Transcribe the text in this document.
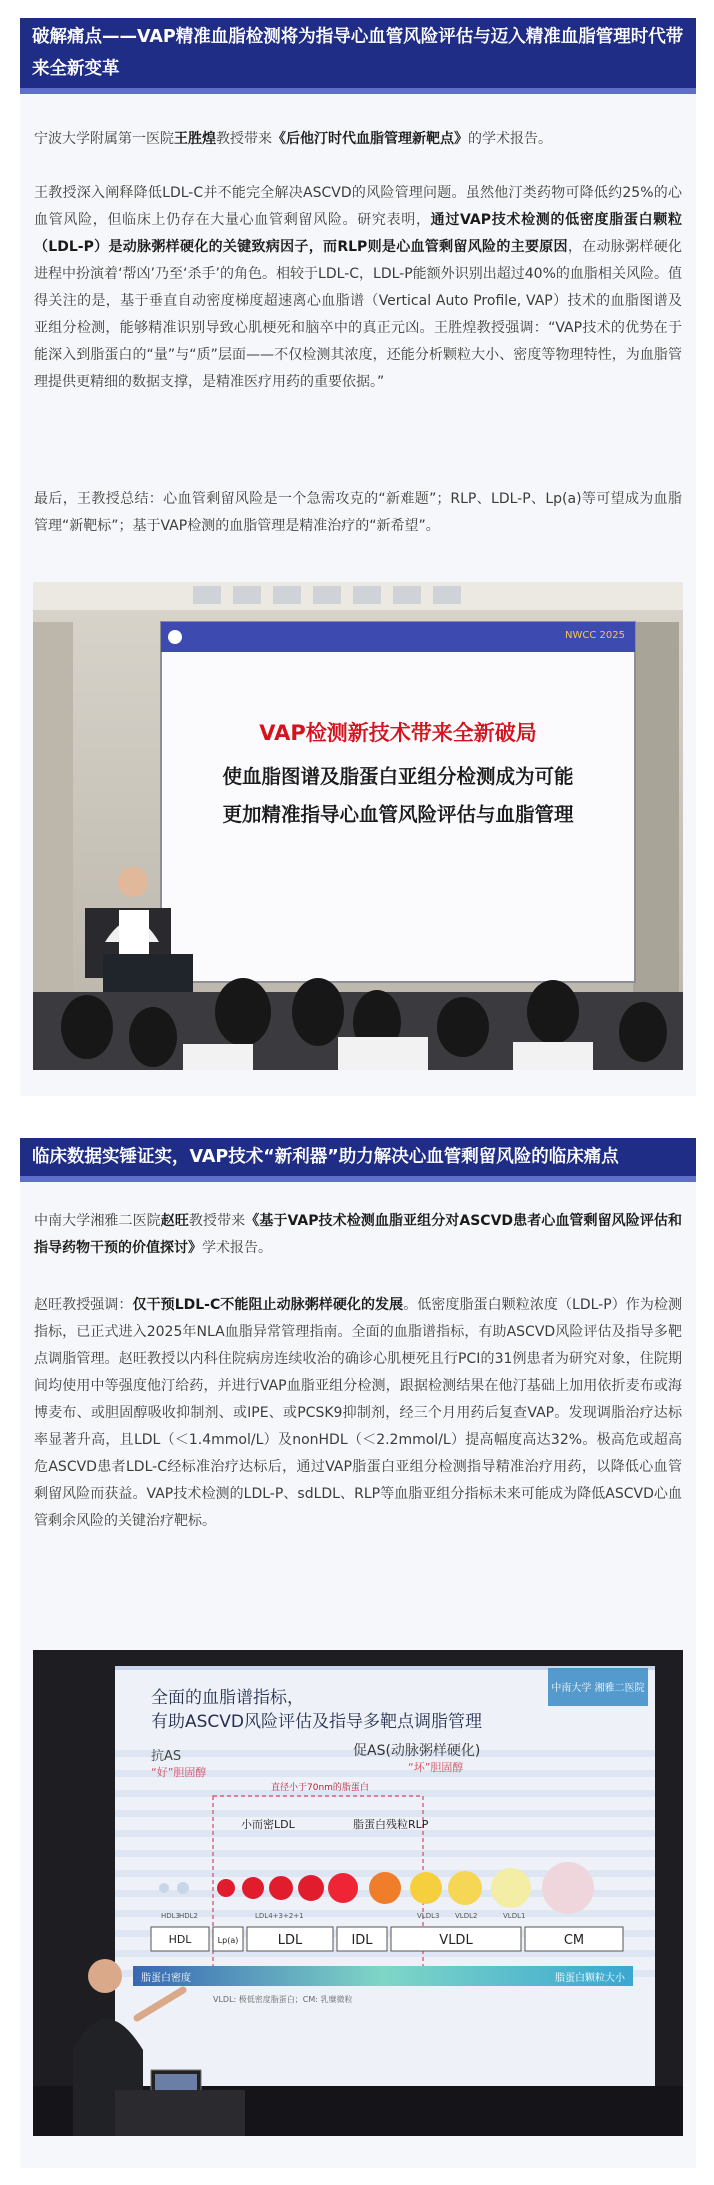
破解痛点——VAP精准血脂检测将为指导心血管风险评估与迈入精准血脂管理时代带来全新变革
宁波大学附属第一医院王胜煌教授带来《后他汀时代血脂管理新靶点》的学术报告。
王教授深入阐释降低LDL-C并不能完全解决ASCVD的风险管理问题。虽然他汀类药物可降低约25%的心血管风险，但临床上仍存在大量心血管剩留风险。研究表明，通过VAP技术检测的低密度脂蛋白颗粒（LDL-P）是动脉粥样硬化的关键致病因子，而RLP则是心血管剩留风险的主要原因，在动脉粥样硬化进程中扮演着‘帮凶’乃至‘杀手’的角色。相较于LDL-C，LDL-P能额外识别出超过40%的血脂相关风险。值得关注的是，基于垂直自动密度梯度超速离心血脂谱（Vertical Auto Profile, VAP）技术的血脂图谱及亚组分检测，能够精准识别导致心肌梗死和脑卒中的真正元凶。王胜煌教授强调：“VAP技术的优势在于能深入到脂蛋白的“量”与“质”层面——不仅检测其浓度，还能分析颗粒大小、密度等物理特性，为血脂管理提供更精细的数据支撑，是精准医疗用药的重要依据。”
最后，王教授总结：心血管剩留风险是一个急需攻克的“新难题”；RLP、LDL-P、Lp(a)等可望成为血脂管理“新靶标”；基于VAP检测的血脂管理是精准治疗的“新希望”。
NWCC 2025
VAP检测新技术带来全新破局
使血脂图谱及脂蛋白亚组分检测成为可能
更加精准指导心血管风险评估与血脂管理
临床数据实锤证实，VAP技术“新利器”助力解决心血管剩留风险的临床痛点
中南大学湘雅二医院赵旺教授带来《基于VAP技术检测血脂亚组分对ASCVD患者心血管剩留风险评估和指导药物干预的价值探讨》学术报告。
赵旺教授强调：仅干预LDL-C不能阻止动脉粥样硬化的发展。低密度脂蛋白颗粒浓度（LDL-P）作为检测指标，已正式进入2025年NLA血脂异常管理指南。全面的血脂谱指标，有助ASCVD风险评估及指导多靶点调脂管理。赵旺教授以内科住院病房连续收治的确诊心肌梗死且行PCI的31例患者为研究对象，住院期间均使用中等强度他汀给药，并进行VAP血脂亚组分检测，跟据检测结果在他汀基础上加用依折麦布或海博麦布、或胆固醇吸收抑制剂、或IPE、或PCSK9抑制剂，经三个月用药后复查VAP。发现调脂治疗达标率显著升高，且LDL（＜1.4mmol/L）及nonHDL（＜2.2mmol/L）提高幅度高达32%。极高危或超高危ASCVD患者LDL-C经标准治疗达标后，通过VAP脂蛋白亚组分检测指导精准治疗用药，以降低心血管剩留风险而获益。VAP技术检测的LDL-P、sdLDL、RLP等血脂亚组分指标未来可能成为降低ASCVD心血管剩余风险的关键治疗靶标。
中南大学 湘雅二医院
全面的血脂谱指标，
有助ASCVD风险评估及指导多靶点调脂管理
抗AS
“好”胆固醇
促AS(动脉粥样硬化)
“坏”胆固醇
直径小于70nm的脂蛋白
小而密LDL	脂蛋白残粒RLP
HDL3
HDL2	LDL4+3+2+1	VLDL3 VLDL2	VLDL1
HDL	Lp(a)	LDL	IDL	VLDL	CM
脂蛋白密度	脂蛋白颗粒大小
VLDL: 极低密度脂蛋白；CM: 乳糜微粒
